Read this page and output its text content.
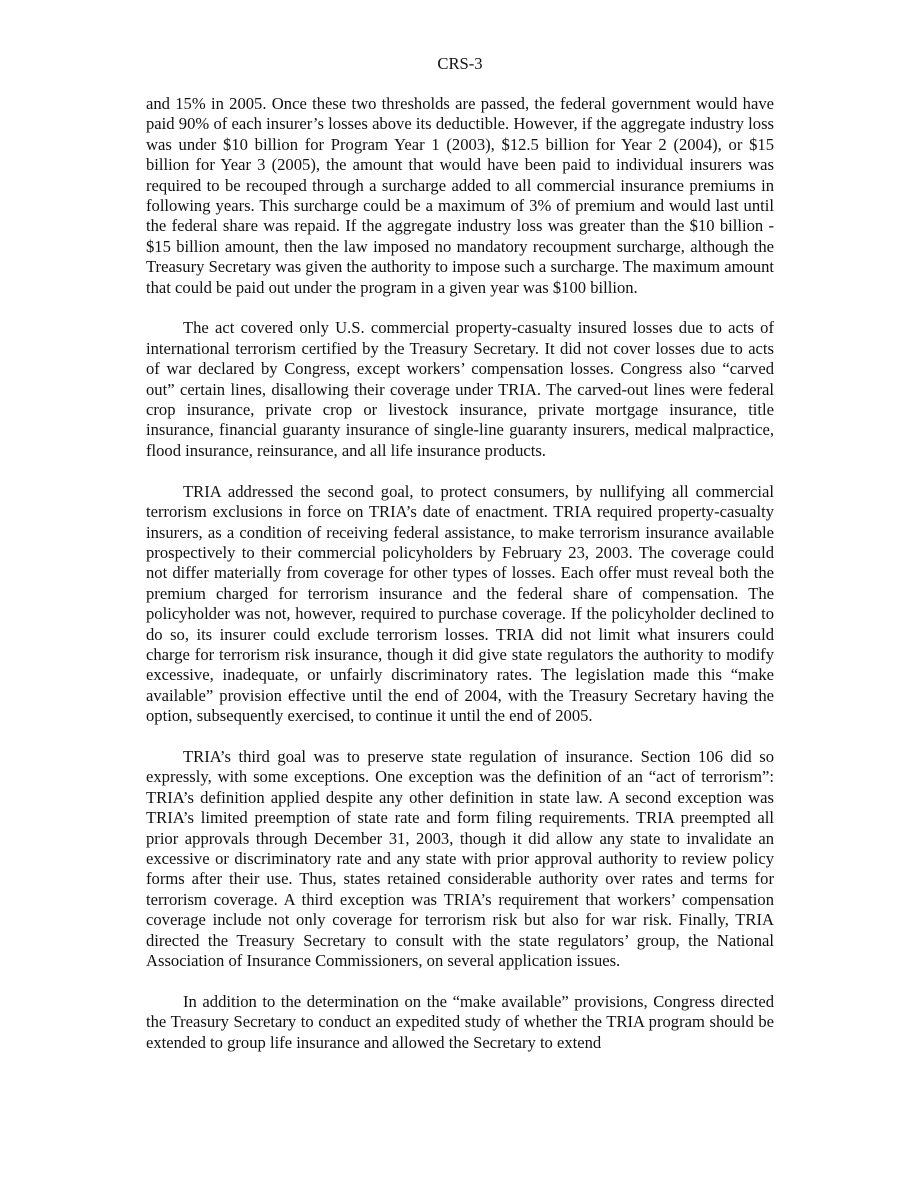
CRS-3

and 15% in 2005. Once these two thresholds are passed, the federal government would have paid 90% of each insurer’s losses above its deductible. However, if the aggregate industry loss was under $10 billion for Program Year 1 (2003), $12.5 billion for Year 2 (2004), or $15 billion for Year 3 (2005), the amount that would have been paid to individual insurers was required to be recouped through a surcharge added to all commercial insurance premiums in following years. This surcharge could be a maximum of 3% of premium and would last until the federal share was repaid. If the aggregate industry loss was greater than the $10 billion - $15 billion amount, then the law imposed no mandatory recoupment surcharge, although the Treasury Secretary was given the authority to impose such a surcharge. The maximum amount that could be paid out under the program in a given year was $100 billion.

The act covered only U.S. commercial property-casualty insured losses due to acts of international terrorism certified by the Treasury Secretary. It did not cover losses due to acts of war declared by Congress, except workers’ compensation losses. Congress also “carved out” certain lines, disallowing their coverage under TRIA. The carved-out lines were federal crop insurance, private crop or livestock insurance, private mortgage insurance, title insurance, financial guaranty insurance of single-line guaranty insurers, medical malpractice, flood insurance, reinsurance, and all life insurance products.

TRIA addressed the second goal, to protect consumers, by nullifying all commercial terrorism exclusions in force on TRIA’s date of enactment. TRIA required property-casualty insurers, as a condition of receiving federal assistance, to make terrorism insurance available prospectively to their commercial policyholders by February 23, 2003. The coverage could not differ materially from coverage for other types of losses. Each offer must reveal both the premium charged for terrorism insurance and the federal share of compensation. The policyholder was not, however, required to purchase coverage. If the policyholder declined to do so, its insurer could exclude terrorism losses. TRIA did not limit what insurers could charge for terrorism risk insurance, though it did give state regulators the authority to modify excessive, inadequate, or unfairly discriminatory rates. The legislation made this “make available” provision effective until the end of 2004, with the Treasury Secretary having the option, subsequently exercised, to continue it until the end of 2005.

TRIA’s third goal was to preserve state regulation of insurance. Section 106 did so expressly, with some exceptions. One exception was the definition of an “act of terrorism”: TRIA’s definition applied despite any other definition in state law. A second exception was TRIA’s limited preemption of state rate and form filing requirements. TRIA preempted all prior approvals through December 31, 2003, though it did allow any state to invalidate an excessive or discriminatory rate and any state with prior approval authority to review policy forms after their use. Thus, states retained considerable authority over rates and terms for terrorism coverage. A third exception was TRIA’s requirement that workers’ compensation coverage include not only coverage for terrorism risk but also for war risk. Finally, TRIA directed the Treasury Secretary to consult with the state regulators’ group, the National Association of Insurance Commissioners, on several application issues.

In addition to the determination on the “make available” provisions, Congress directed the Treasury Secretary to conduct an expedited study of whether the TRIA program should be extended to group life insurance and allowed the Secretary to extend
